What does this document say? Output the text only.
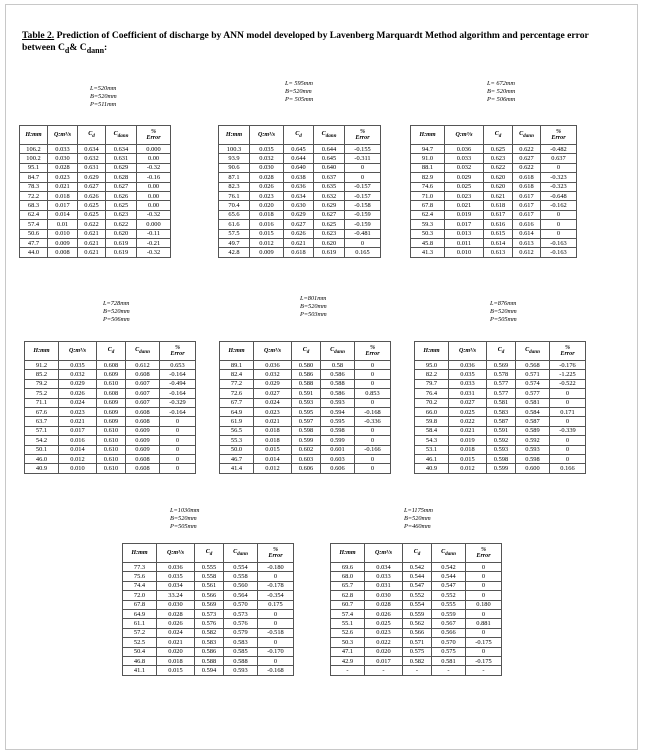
Table 2. Prediction of Coefficient of discharge by ANN model developed by Lavenberg Marquardt Method algorithm and percentage error between $C_d\&$ $C_{dann}$:
L=520mm
B=520mm
P=511mm
H:mm	Q:m³/s	$C_d$	$C_{dann}$	%
Error
106.2	0.033	0.634	0.634	0.000
100.2	0.030	0.632	0.631	0.00
95.1	0.028	0.631	0.629	-0.32
84.7	0.023	0.629	0.628	-0.16
78.3	0.021	0.627	0.627	0.00
72.2	0.018	0.626	0.626	0.00
68.3	0.017	0.625	0.625	0.00
62.4	0.014	0.625	0.623	-0.32
57.4	0.01	0.622	0.622	0.000
50.6	0.010	0.621	0.620	-0.11
47.7	0.009	0.621	0.619	-0.21
44.0	0.008	0.621	0.619	-0.32
L= 595mm
B=520mm
P= 505mm
H:mm	Q:m³/s	$C_d$	$C_{dann}$	%
Error
100.3	0.035	0.645	0.644	-0.155
93.9	0.032	0.644	0.645	-0.311
90.6	0.030	0.640	0.640	0
87.1	0.028	0.638	0.637	0
82.3	0.026	0.636	0.635	-0.157
76.1	0.023	0.634	0.632	-0.157
70.4	0.020	0.630	0.629	-0.158
65.6	0.018	0.629	0.627	-0.159
61.6	0.016	0.627	0.625	-0.159
57.5	0.015	0.626	0.623	-0.481
49.7	0.012	0.621	0.620	0
42.8	0.009	0.618	0.619	0.165
L= 672mm
B= 520mm
P= 506mm
H:mm	Q:m³/s	$C_d$	$C_{dann}$	%
Error
94.7	0.036	0.625	0.622	-0.482
91.0	0.033	0.623	0.627	0.637
88.1	0.032	0.622	0.622	0
82.9	0.029	0.620	0.618	-0.323
74.6	0.025	0.620	0.618	-0.323
71.0	0.023	0.621	0.617	-0.648
67.8	0.021	0.618	0.617	-0.162
62.4	0.019	0.617	0.617	0
59.3	0.017	0.616	0.616	0
50.3	0.013	0.615	0.614	0
45.8	0.011	0.614	0.613	-0.163
41.3	0.010	0.613	0.612	-0.163
L=728mm
B=520mm
P=506mm
H:mm	Q:m³/s	$C_d$	$C_{dann}$	%
Error
91.2	0.035	0.608	0.612	0.653
85.2	0.032	0.609	0.608	-0.164
79.2	0.029	0.610	0.607	-0.494
75.2	0.026	0.608	0.607	-0.164
71.1	0.024	0.609	0.607	-0.329
67.6	0.023	0.609	0.608	-0.164
63.7	0.021	0.609	0.608	0
57.1	0.017	0.610	0.609	0
54.2	0.016	0.610	0.609	0
50.1	0.014	0.610	0.609	0
46.0	0.012	0.610	0.608	0
40.9	0.010	0.610	0.608	0
L=801mm
B=520mm
P=503mm
H:mm	Q:m³/s	$C_d$	$C_{dann}$	%
Error
89.1	0.036	0.580	0.58	0
82.4	0.032	0.586	0.586	0
77.2	0.029	0.588	0.588	0
72.6	0.027	0.591	0.586	0.853
67.7	0.024	0.593	0.593	0
64.9	0.023	0.595	0.594	-0.168
61.9	0.021	0.597	0.595	-0.336
56.5	0.018	0.598	0.598	0
55.3	0.018	0.599	0.599	0
50.0	0.015	0.602	0.601	-0.166
46.7	0.014	0.603	0.603	0
41.4	0.012	0.606	0.606	0
L=876mm
B=520mm
P=505mm
H:mm	Q:m³/s	$C_d$	$C_{dann}$	%
Error
95.0	0.036	0.569	0.568	-0.176
82.2	0.035	0.578	0.571	-1.225
79.7	0.033	0.577	0.574	-0.522
76.4	0.031	0.577	0.577	0
70.2	0.027	0.581	0.581	0
66.0	0.025	0.583	0.584	0.171
59.8	0.022	0.587	0.587	0
58.4	0.021	0.591	0.589	-0.339
54.3	0.019	0.592	0.592	0
53.1	0.018	0.593	0.593	0
46.1	0.015	0.598	0.598	0
40.9	0.012	0.599	0.600	0.166
L=1030mm
B=520mm
P=505mm
H:mm	Q:m³/s	$C_d$	$C_{dann}$	%
Error
77.3	0.036	0.555	0.554	-0.180
75.6	0.035	0.558	0.558	0
74.4	0.034	0.561	0.560	-0.178
72.0	33.24	0.566	0.564	-0.354
67.8	0.030	0.569	0.570	0.175
64.9	0.028	0.573	0.573	0
61.1	0.026	0.576	0.576	0
57.2	0.024	0.582	0.579	-0.518
52.5	0.021	0.583	0.583	0
50.4	0.020	0.586	0.585	-0.170
46.8	0.018	0.588	0.588	0
41.1	0.015	0.594	0.593	-0.168
L=1175mm
B=520mm
P=460mm
H:mm	Q:m³/s	$C_d$	$C_{dann}$	%
Error
69.6	0.034	0.542	0.542	0
68.0	0.033	0.544	0.544	0
65.7	0.031	0.547	0.547	0
62.8	0.030	0.552	0.552	0
60.7	0.028	0.554	0.555	0.180
57.4	0.026	0.559	0.559	0
55.1	0.025	0.562	0.567	0.881
52.6	0.023	0.566	0.566	0
50.3	0.022	0.571	0.570	-0.175
47.1	0.020	0.575	0.575	0
42.9	0.017	0.582	0.581	-0.175
-	-	-	-	-
